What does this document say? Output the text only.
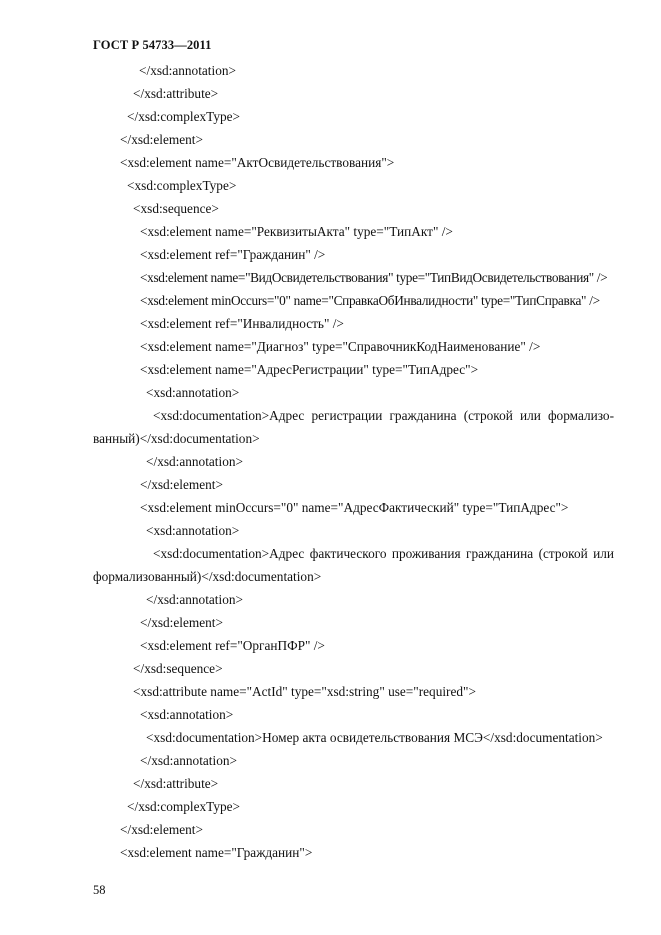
ГОСТ Р 54733—2011
</xsd:annotation>
</xsd:attribute>
</xsd:complexType>
</xsd:element>
<xsd:element name="АктОсвидетельствования">
<xsd:complexType>
<xsd:sequence>
<xsd:element name="РеквизитыАкта" type="ТипАкт" />
<xsd:element ref="Гражданин" />
<xsd:element name="ВидОсвидетельствования" type="ТипВидОсвидетельствования" />
<xsd:element minOccurs="0" name="СправкаОбИнвалидности" type="ТипСправка" />
<xsd:element ref="Инвалидность" />
<xsd:element name="Диагноз" type="СправочникКодНаименование" />
<xsd:element name="АдресРегистрации" type="ТипАдрес">
<xsd:annotation>
<xsd:documentation>Адрес регистрации гражданина (строкой или формализо-
ванный)</xsd:documentation>
</xsd:annotation>
</xsd:element>
<xsd:element minOccurs="0" name="АдресФактический" type="ТипАдрес">
<xsd:annotation>
<xsd:documentation>Адрес фактического проживания гражданина (строкой или
формализованный)</xsd:documentation>
</xsd:annotation>
</xsd:element>
<xsd:element ref="ОрганПФР" />
</xsd:sequence>
<xsd:attribute name="ActId" type="xsd:string" use="required">
<xsd:annotation>
<xsd:documentation>Номер акта освидетельствования МСЭ</xsd:documentation>
</xsd:annotation>
</xsd:attribute>
</xsd:complexType>
</xsd:element>
<xsd:element name="Гражданин">
58
